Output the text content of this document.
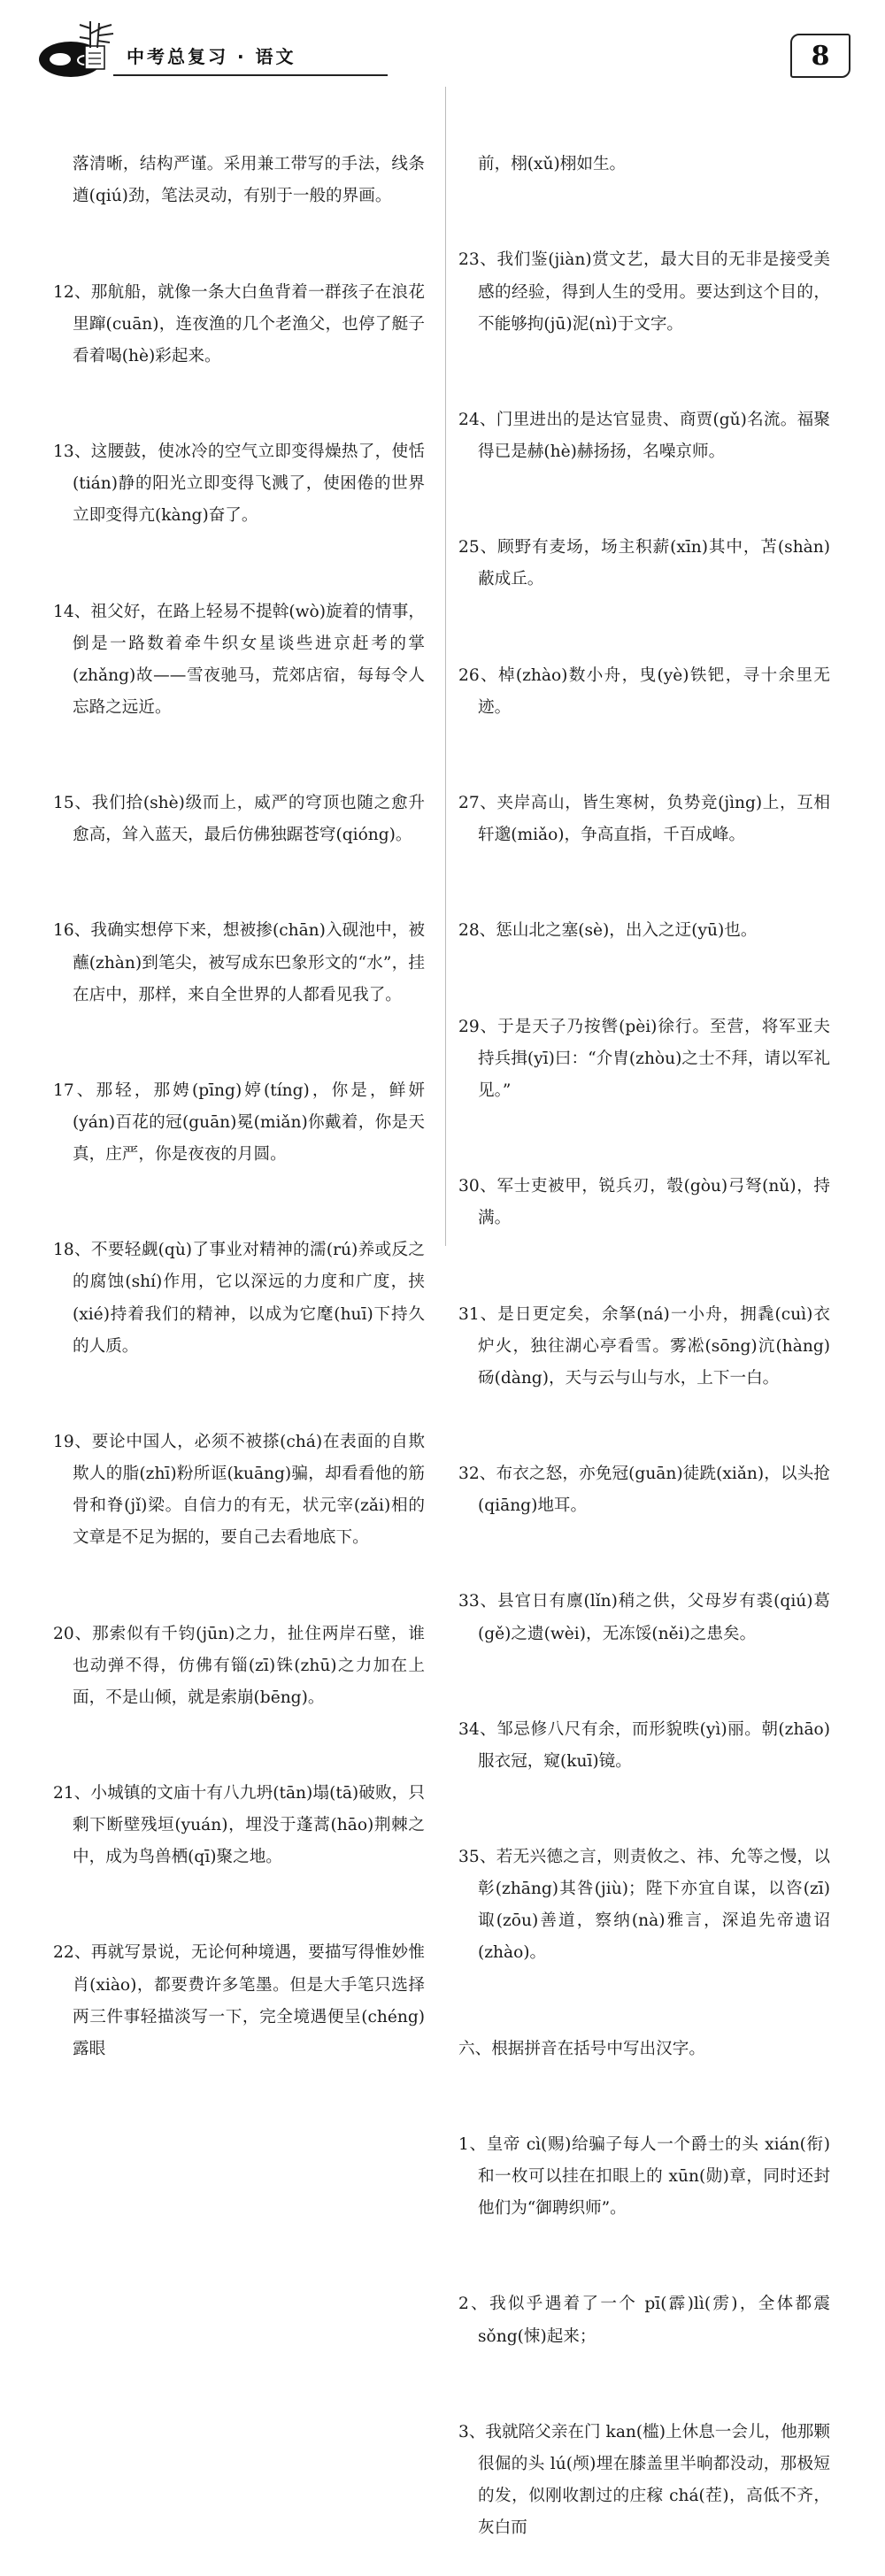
中考总复习 · 语文	8

落清晰，结构严谨。采用兼工带写的手法，线条遒(qiú)劲，笔法灵动，有别于一般的界画。

12、那航船，就像一条大白鱼背着一群孩子在浪花里蹿(cuān)，连夜渔的几个老渔父，也停了艇子看着喝(hè)彩起来。

13、这腰鼓，使冰冷的空气立即变得燥热了，使恬(tián)静的阳光立即变得飞溅了，使困倦的世界立即变得亢(kàng)奋了。

14、祖父好，在路上轻易不提斡(wò)旋着的情事，倒是一路数着牵牛织女星谈些进京赶考的掌(zhǎng)故——雪夜驰马，荒郊店宿，每每令人忘路之远近。

15、我们拾(shè)级而上，威严的穹顶也随之愈升愈高，耸入蓝天，最后仿佛独踞苍穹(qióng)。

16、我确实想停下来，想被掺(chān)入砚池中，被蘸(zhàn)到笔尖，被写成东巴象形文的“水”，挂在店中，那样，来自全世界的人都看见我了。

17、那轻，那娉(pīng)婷(tíng)，你是，鲜妍(yán)百花的冠(guān)冕(miǎn)你戴着，你是天真，庄严，你是夜夜的月圆。

18、不要轻觑(qù)了事业对精神的濡(rú)养或反之的腐蚀(shí)作用，它以深远的力度和广度，挟(xié)持着我们的精神，以成为它麾(huī)下持久的人质。

19、要论中国人，必须不被搽(chá)在表面的自欺欺人的脂(zhī)粉所诓(kuāng)骗，却看看他的筋骨和脊(jǐ)梁。自信力的有无，状元宰(zǎi)相的文章是不足为据的，要自己去看地底下。

20、那索似有千钧(jūn)之力，扯住两岸石壁，谁也动弹不得，仿佛有锱(zī)铢(zhū)之力加在上面，不是山倾，就是索崩(bēng)。

21、小城镇的文庙十有八九坍(tān)塌(tā)破败，只剩下断壁残垣(yuán)，埋没于蓬蒿(hāo)荆棘之中，成为鸟兽栖(qī)聚之地。

22、再就写景说，无论何种境遇，要描写得惟妙惟肖(xiào)，都要费许多笔墨。但是大手笔只选择两三件事轻描淡写一下，完全境遇便呈(chéng)露眼

前，栩(xǔ)栩如生。

23、我们鉴(jiàn)赏文艺，最大目的无非是接受美感的经验，得到人生的受用。要达到这个目的，不能够拘(jū)泥(nì)于文字。

24、门里进出的是达官显贵、商贾(gǔ)名流。福聚得已是赫(hè)赫扬扬，名噪京师。

25、顾野有麦场，场主积薪(xīn)其中，苫(shàn)蔽成丘。

26、棹(zhào)数小舟，曳(yè)铁钯，寻十余里无迹。

27、夹岸高山，皆生寒树，负势竞(jìng)上，互相轩邈(miǎo)，争高直指，千百成峰。

28、惩山北之塞(sè)，出入之迂(yū)也。

29、于是天子乃按辔(pèi)徐行。至营，将军亚夫持兵揖(yī)曰：“介胄(zhòu)之士不拜，请以军礼见。”

30、军士吏被甲，锐兵刃，彀(gòu)弓弩(nǔ)，持满。

31、是日更定矣，余拏(ná)一小舟，拥毳(cuì)衣炉火，独往湖心亭看雪。雾凇(sōng)沆(hàng)砀(dàng)，天与云与山与水，上下一白。

32、布衣之怒，亦免冠(guān)徒跣(xiǎn)，以头抢(qiāng)地耳。

33、县官日有廪(lǐn)稍之供，父母岁有裘(qiú)葛(gě)之遗(wèi)，无冻馁(něi)之患矣。

34、邹忌修八尺有余，而形貌昳(yì)丽。朝(zhāo)服衣冠，窥(kuī)镜。

35、若无兴德之言，则责攸之、祎、允等之慢，以彰(zhāng)其咎(jiù)；陛下亦宜自谋，以咨(zī)诹(zōu)善道，察纳(nà)雅言，深追先帝遗诏(zhào)。

六、根据拼音在括号中写出汉字。

1、皇帝 cì(赐)给骗子每人一个爵士的头 xián(衔)和一枚可以挂在扣眼上的 xūn(勋)章，同时还封他们为“御聘织师”。

2、我似乎遇着了一个 pī(霹)lì(雳)，全体都震 sǒng(悚)起来；

3、我就陪父亲在门 kan(槛)上休息一会儿，他那颗很倔的头 lú(颅)埋在膝盖里半晌都没动，那极短的发，似刚收割过的庄稼 chá(茬)，高低不齐，灰白而
